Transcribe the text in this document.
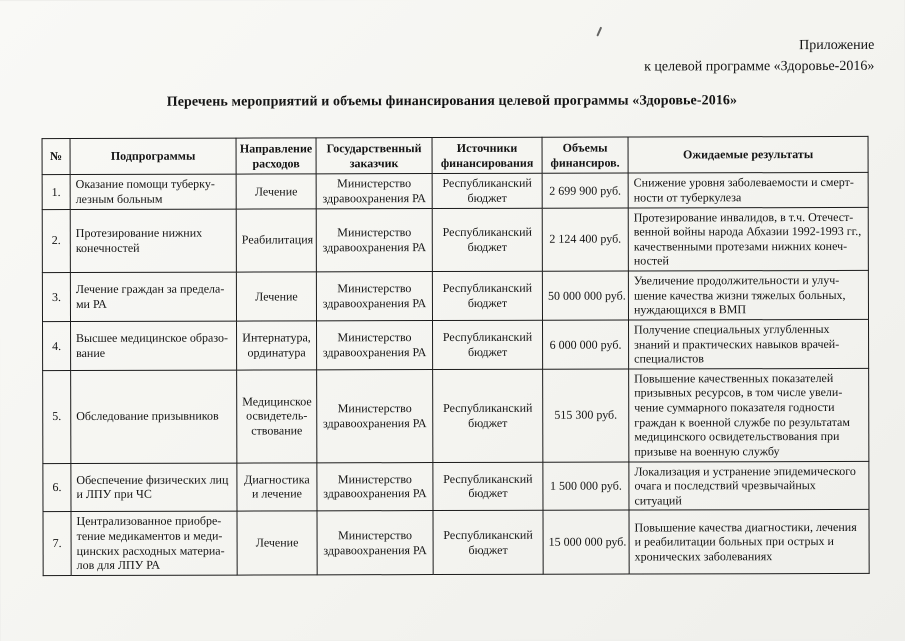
Приложение
к целевой программе «Здоровье-2016»
Перечень мероприятий и объемы финансирования целевой программы «Здоровье-2016»
№	Подпрограммы	Направление расходов	Государственный заказчик	Источники финансирования	Объемы финансиров.	Ожидаемые результаты
1.	Оказание помощи туберку-лезным больным	Лечение	Министерство здравоохранения РА	Республиканский бюджет	2 699 900 руб.	Снижение уровня заболеваемости и смерт-ности от туберкулеза
2.	Протезирование нижних конечностей	Реабилитация	Министерство здравоохранения РА	Республиканский бюджет	2 124 400 руб.	Протезирование инвалидов, в т.ч. Отечест-венной войны народа Абхазии 1992-1993 гг., качественными протезами нижних конеч-ностей
3.	Лечение граждан за предела-ми РА	Лечение	Министерство здравоохранения РА	Республиканский бюджет	50 000 000 руб.	Увеличение продолжительности и улуч-шение качества жизни тяжелых больных, нуждающихся в ВМП
4.	Высшее медицинское образо-вание	Интернатура, ординатура	Министерство здравоохранения РА	Республиканский бюджет	6 000 000 руб.	Получение специальных углубленных знаний и практических навыков врачей-специалистов
5.	Обследование призывников	Медицинское освидетель-ствование	Министерство здравоохранения РА	Республиканский бюджет	515 300 руб.	Повышение качественных показателей призывных ресурсов, в том числе увели-чение суммарного показателя годности граждан к военной службе по результатам медицинского освидетельствования при призыве на военную службу
6.	Обеспечение физических лиц и ЛПУ при ЧС	Диагностика и лечение	Министерство здравоохранения РА	Республиканский бюджет	1 500 000 руб.	Локализация и устранение эпидемического очага и последствий чрезвычайных ситуаций
7.	Централизованное приобре-тение медикаментов и меди-цинских расходных материа-лов для ЛПУ РА	Лечение	Министерство здравоохранения РА	Республиканский бюджет	15 000 000 руб.	Повышение качества диагностики, лечения и реабилитации больных при острых и хронических заболеваниях
